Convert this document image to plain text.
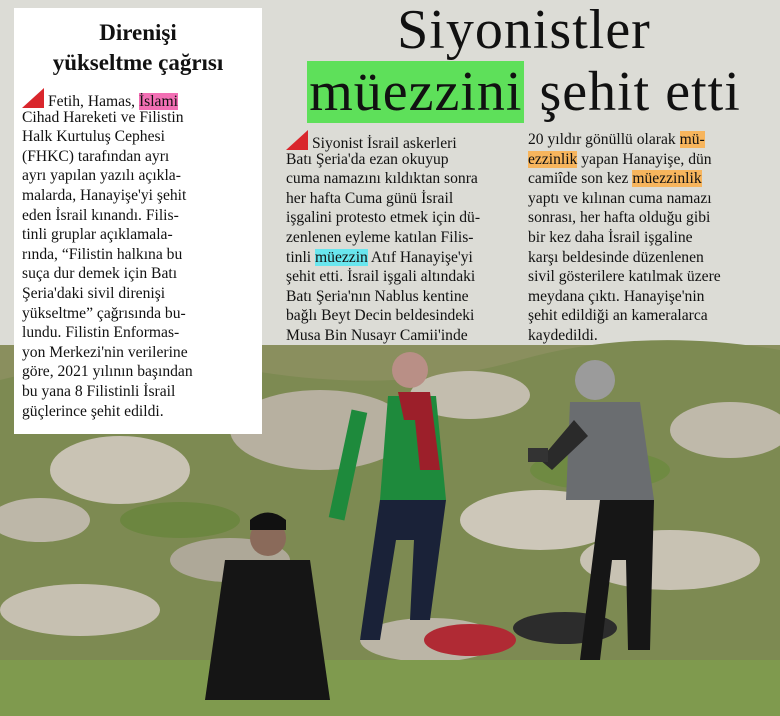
Siyonistler
müezzini şehit etti
Direnişi
yükseltme çağrısı
Fetih, Hamas, İslami
Cihad Hareketi ve Filistin
Halk Kurtuluş Cephesi
(FHKC) tarafından ayrı
ayrı yapılan yazılı açıkla-
malarda, Hanayişe'yi şehit
eden İsrail kınandı. Filis-
tinli gruplar açıklamala-
rında, “Filistin halkına bu
suça dur demek için Batı
Şeria'daki sivil direnişi
yükseltme” çağrısında bu-
lundu. Filistin Enformas-
yon Merkezi'nin verilerine
göre, 2021 yılının başından
bu yana 8 Filistinli İsrail
güçlerince şehit edildi.
Siyonist İsrail askerleri
Batı Şeria'da ezan okuyup
cuma namazını kıldıktan sonra
her hafta Cuma günü İsrail
işgalini protesto etmek için dü-
zenlenen eyleme katılan Filis-
tinli müezzin Atıf Hanayişe'yi
şehit etti. İsrail işgali altındaki
Batı Şeria'nın Nablus kentine
bağlı Beyt Decin beldesindeki
Musa Bin Nusayr Camii'inde
20 yıldır gönüllü olarak mü-
ezzinlik yapan Hanayişe, dün
camiîde son kez müezzinlik
yaptı ve kılınan cuma namazı
sonrası, her hafta olduğu gibi
bir kez daha İsrail işgaline
karşı beldesinde düzenlenen
sivil gösterilere katılmak üzere
meydana çıktı. Hanayişe'nin
şehit edildiği an kameralarca
kaydedildi.
